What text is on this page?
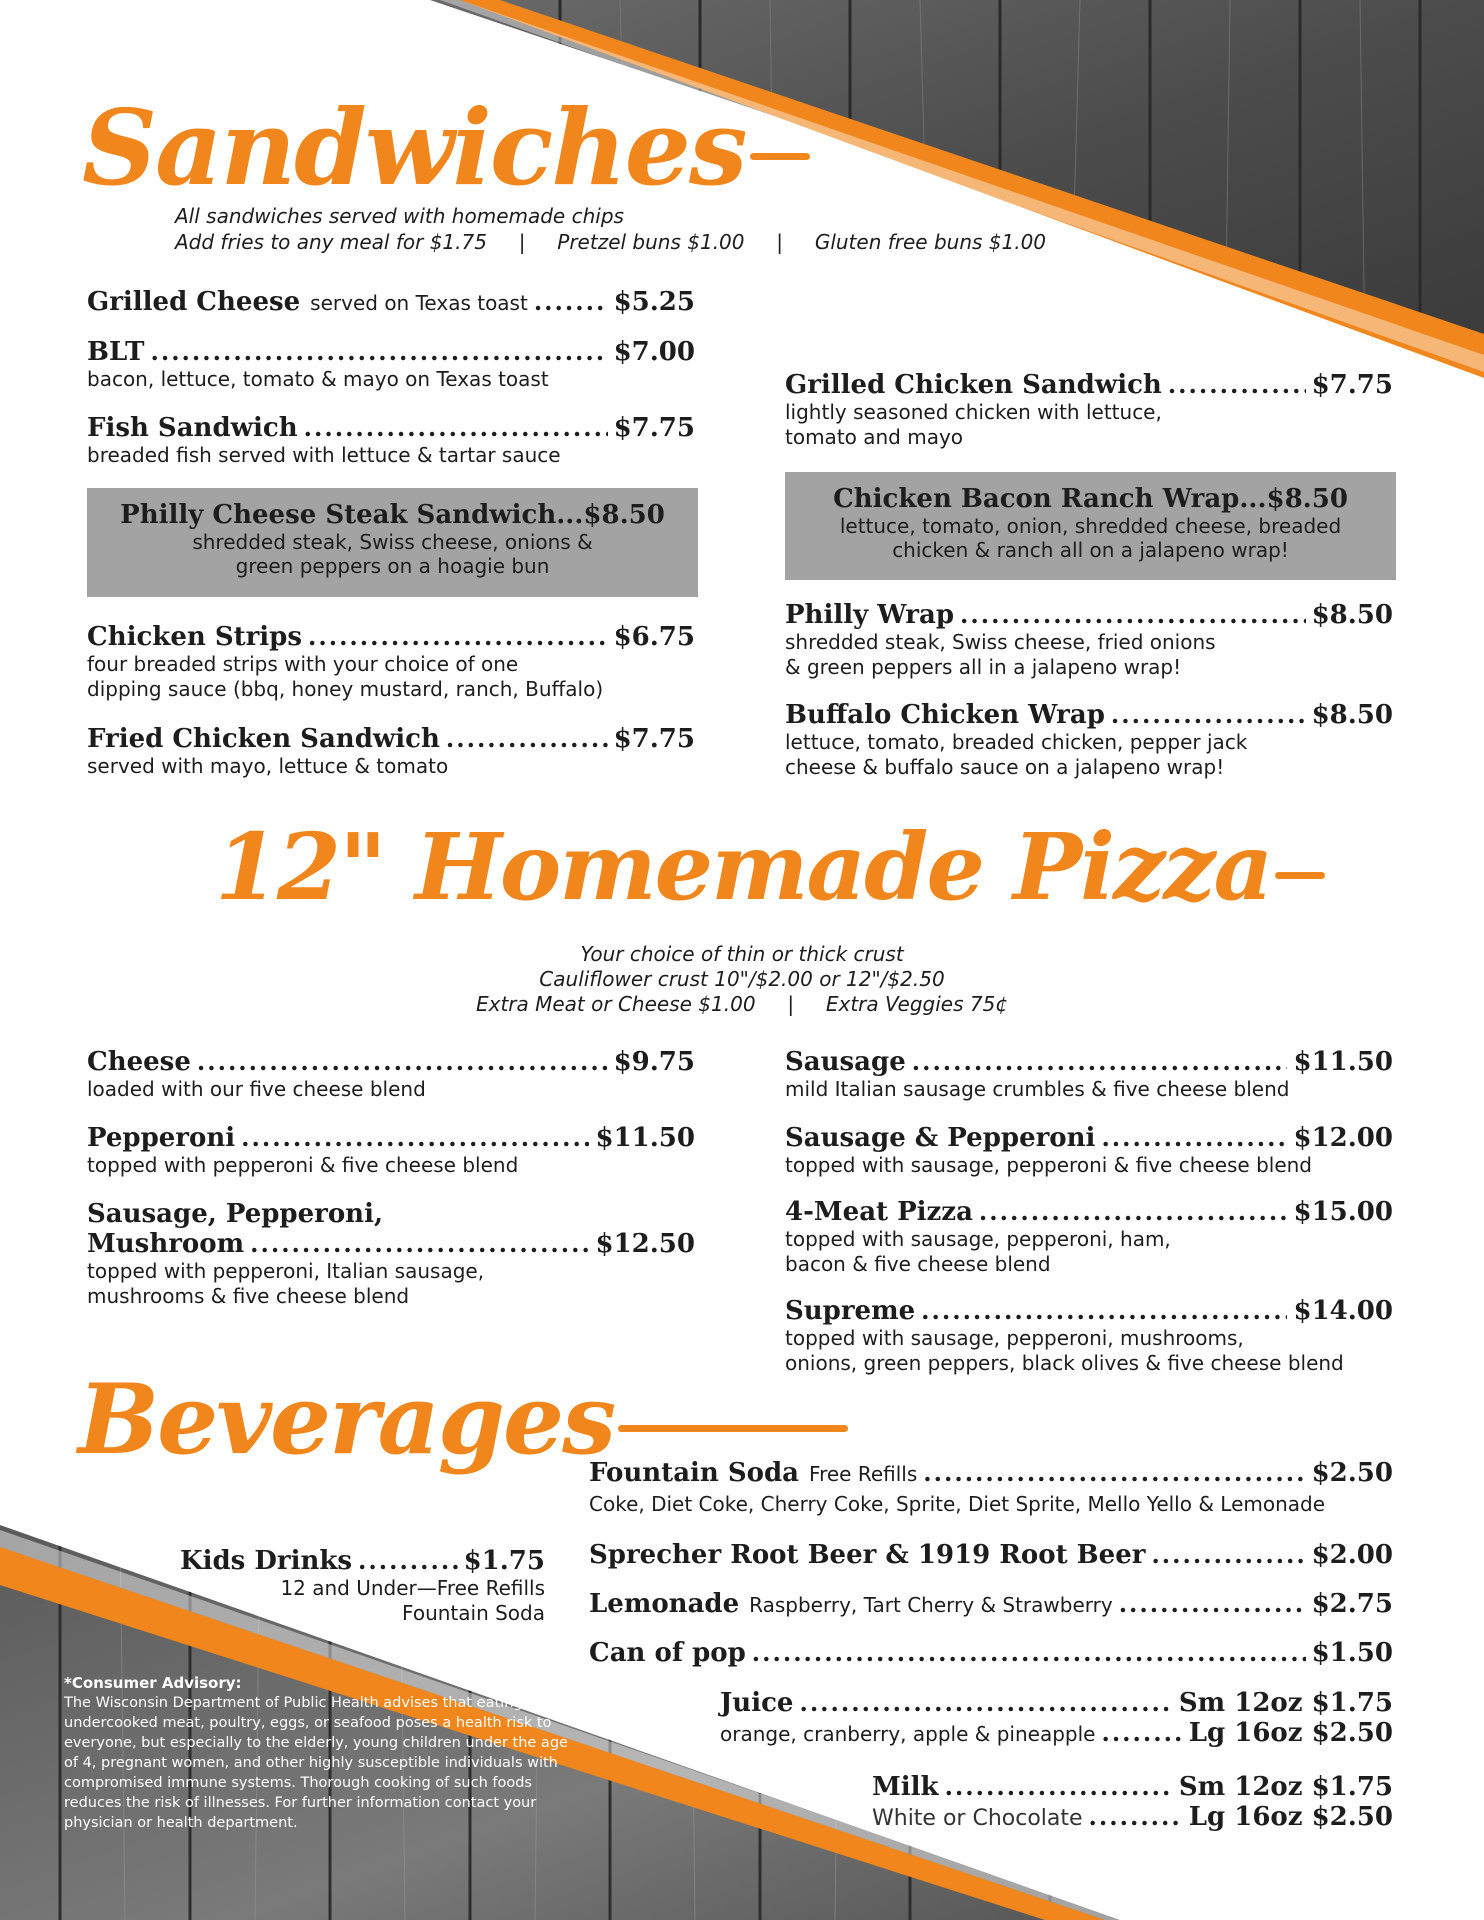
Sandwiches
All sandwiches served with homemade chips
Add fries to any meal for $1.75     |     Pretzel buns $1.00     |     Gluten free buns $1.00
Grilled Cheese served on Texas toast .....	$5.25
BLT .....	$7.00
bacon, lettuce, tomato & mayo on Texas toast
Fish Sandwich .....	$7.75
breaded fish served with lettuce & tartar sauce
Philly Cheese Steak Sandwich...$8.50
shredded steak, Swiss cheese, onions &
green peppers on a hoagie bun
Chicken Strips .....	$6.75
four breaded strips with your choice of one
dipping sauce (bbq, honey mustard, ranch, Buffalo)
Fried Chicken Sandwich .....	$7.75
served with mayo, lettuce & tomato
Grilled Chicken Sandwich .....	$7.75
lightly seasoned chicken with lettuce,
tomato and mayo
Chicken Bacon Ranch Wrap...$8.50
lettuce, tomato, onion, shredded cheese, breaded
chicken & ranch all on a jalapeno wrap!
Philly Wrap .....	$8.50
shredded steak, Swiss cheese, fried onions
& green peppers all in a jalapeno wrap!
Buffalo Chicken Wrap .....	$8.50
lettuce, tomato, breaded chicken, pepper jack
cheese & buffalo sauce on a jalapeno wrap!
12" Homemade Pizza
Your choice of thin or thick crust
Cauliflower crust 10"/$2.00 or 12"/$2.50
Extra Meat or Cheese $1.00     |     Extra Veggies 75¢
Cheese .....	$9.75
loaded with our five cheese blend
Pepperoni .....	$11.50
topped with pepperoni & five cheese blend
Sausage, Pepperoni,
Mushroom .....	$12.50
topped with pepperoni, Italian sausage,
mushrooms & five cheese blend
Sausage .....	$11.50
mild Italian sausage crumbles & five cheese blend
Sausage & Pepperoni .....	$12.00
topped with sausage, pepperoni & five cheese blend
4-Meat Pizza .....	$15.00
topped with sausage, pepperoni, ham,
bacon & five cheese blend
Supreme .....	$14.00
topped with sausage, pepperoni, mushrooms,
onions, green peppers, black olives & five cheese blend
Beverages
Kids Drinks .....	$1.75
12 and Under—Free Refills
Fountain Soda
Fountain Soda Free Refills .....	$2.50
Coke, Diet Coke, Cherry Coke, Sprite, Diet Sprite, Mello Yello & Lemonade
Sprecher Root Beer & 1919 Root Beer .....	$2.00
Lemonade Raspberry, Tart Cherry & Strawberry .....	$2.75
Can of pop .....	$1.50
Juice .....	Sm 12oz $1.75
orange, cranberry, apple & pineapple .....	Lg 16oz $2.50
Milk .....	Sm 12oz $1.75
White or Chocolate .....	Lg 16oz $2.50
*Consumer Advisory:
The Wisconsin Department of Public Health advises that eating raw or undercooked meat, poultry, eggs, or seafood poses a health risk to everyone, but especially to the elderly, young children under the age of 4, pregnant women, and other highly susceptible individuals with compromised immune systems. Thorough cooking of such foods reduces the risk of illnesses. For further information contact your physician or health department.
